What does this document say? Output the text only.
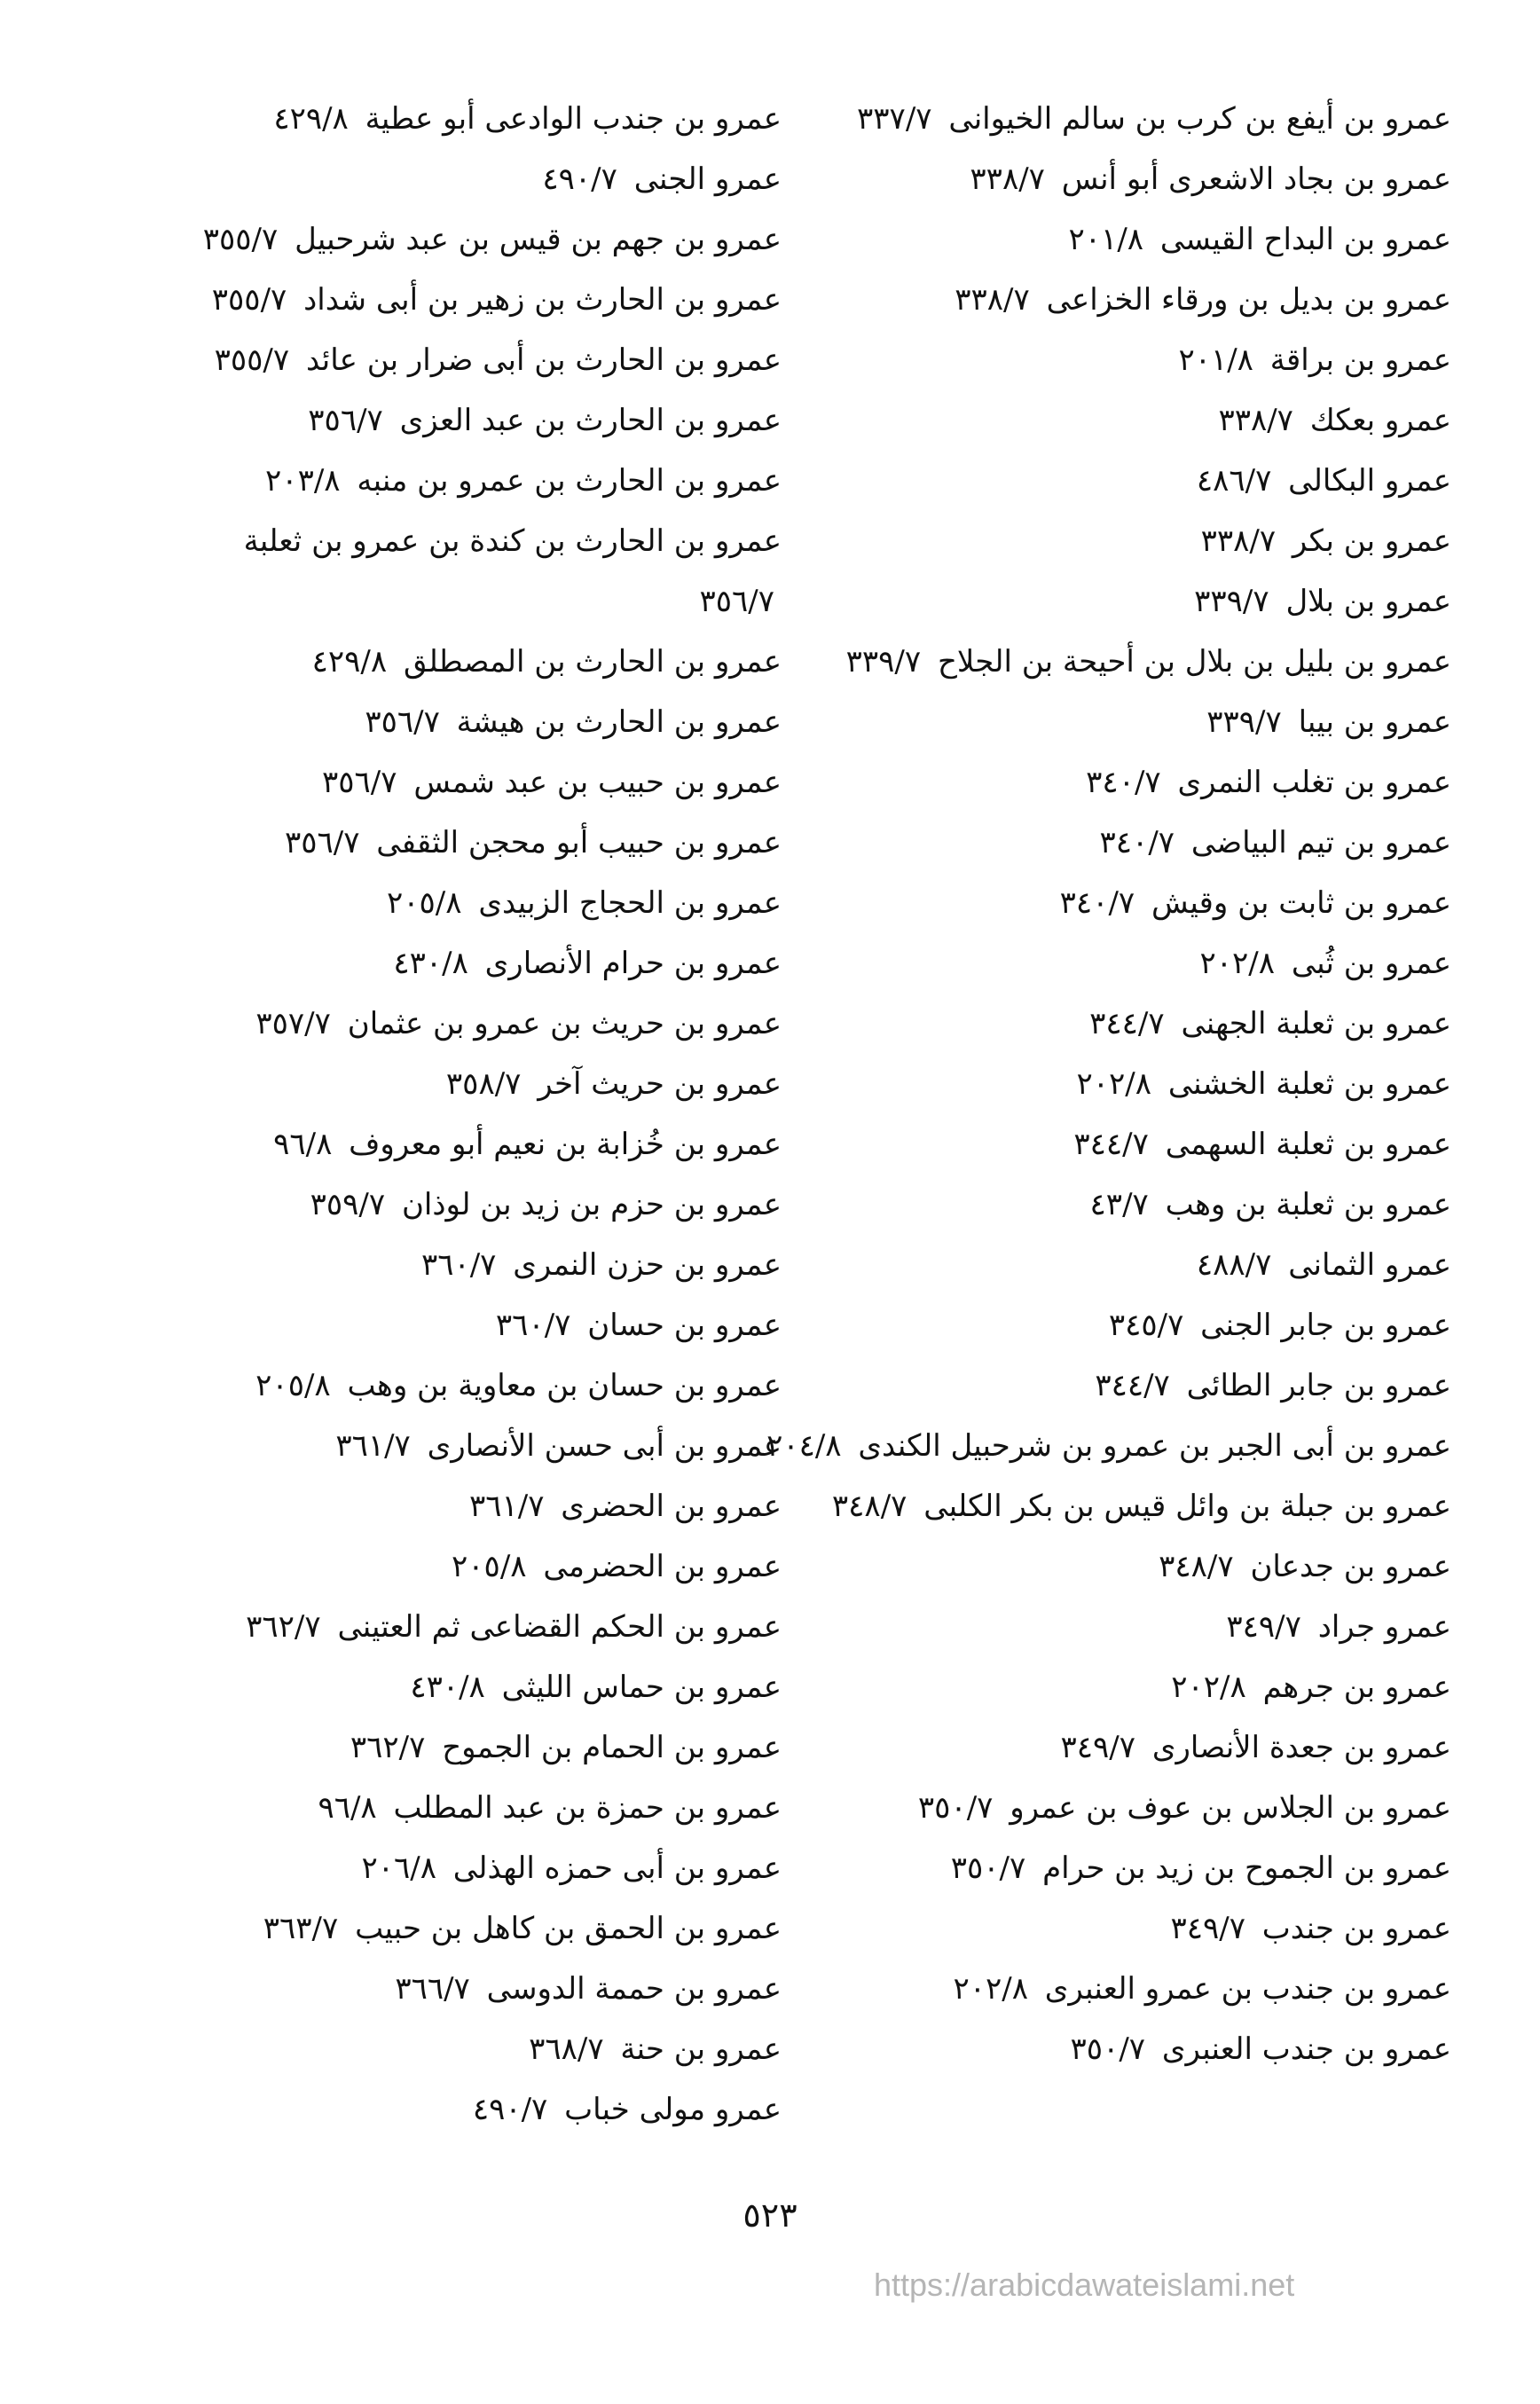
عمرو بن أيفع بن كرب بن سالم الخيوانى ٣٣٧/٧
عمرو بن بجاد الاشعرى أبو أنس ٣٣٨/٧
عمرو بن البداح القيسى ٢٠١/٨
عمرو بن بديل بن ورقاء الخزاعى ٣٣٨/٧
عمرو بن براقة ٢٠١/٨
عمرو بعكك ٣٣٨/٧
عمرو البكالى ٤٨٦/٧
عمرو بن بكر ٣٣٨/٧
عمرو بن بلال ٣٣٩/٧
عمرو بن بليل بن بلال بن أحيحة بن الجلاح ٣٣٩/٧
عمرو بن بيبا ٣٣٩/٧
عمرو بن تغلب النمرى ٣٤٠/٧
عمرو بن تيم البياضى ٣٤٠/٧
عمرو بن ثابت بن وقيش ٣٤٠/٧
عمرو بن ثُبى ٢٠٢/٨
عمرو بن ثعلبة الجهنى ٣٤٤/٧
عمرو بن ثعلبة الخشنى ٢٠٢/٨
عمرو بن ثعلبة السهمى ٣٤٤/٧
عمرو بن ثعلبة بن وهب ٤٣/٧
عمرو الثمانى ٤٨٨/٧
عمرو بن جابر الجنى ٣٤٥/٧
عمرو بن جابر الطائى ٣٤٤/٧
عمرو بن أبى الجبر بن عمرو بن شرحبيل الكندى ٢٠٤/٨
عمرو بن جبلة بن وائل قيس بن بكر الكلبى ٣٤٨/٧
عمرو بن جدعان ٣٤٨/٧
عمرو جراد ٣٤٩/٧
عمرو بن جرهم ٢٠٢/٨
عمرو بن جعدة الأنصارى ٣٤٩/٧
عمرو بن الجلاس بن عوف بن عمرو ٣٥٠/٧
عمرو بن الجموح بن زيد بن حرام ٣٥٠/٧
عمرو بن جندب ٣٤٩/٧
عمرو بن جندب بن عمرو العنبرى ٢٠٢/٨
عمرو بن جندب العنبرى ٣٥٠/٧
عمرو بن جندب الوادعى أبو عطية ٤٢٩/٨
عمرو الجنى ٤٩٠/٧
عمرو بن جهم بن قيس بن عبد شرحبيل ٣٥٥/٧
عمرو بن الحارث بن زهير بن أبى شداد ٣٥٥/٧
عمرو بن الحارث بن أبى ضرار بن عائد ٣٥٥/٧
عمرو بن الحارث بن عبد العزى ٣٥٦/٧
عمرو بن الحارث بن عمرو بن منبه ٢٠٣/٨
عمرو بن الحارث بن كندة بن عمرو بن ثعلبة ٣٥٦/٧
عمرو بن الحارث بن المصطلق ٤٢٩/٨
عمرو بن الحارث بن هيشة ٣٥٦/٧
عمرو بن حبيب بن عبد شمس ٣٥٦/٧
عمرو بن حبيب أبو محجن الثقفى ٣٥٦/٧
عمرو بن الحجاج الزبيدى ٢٠٥/٨
عمرو بن حرام الأنصارى ٤٣٠/٨
عمرو بن حريث بن عمرو بن عثمان ٣٥٧/٧
عمرو بن حريث آخر ٣٥٨/٧
عمرو بن خُزابة بن نعيم أبو معروف ٩٦/٨
عمرو بن حزم بن زيد بن لوذان ٣٥٩/٧
عمرو بن حزن النمرى ٣٦٠/٧
عمرو بن حسان ٣٦٠/٧
عمرو بن حسان بن معاوية بن وهب ٢٠٥/٨
عمرو بن أبى حسن الأنصارى ٣٦١/٧
عمرو بن الحضرى ٣٦١/٧
عمرو بن الحضرمى ٢٠٥/٨
عمرو بن الحكم القضاعى ثم العتينى ٣٦٢/٧
عمرو بن حماس الليثى ٤٣٠/٨
عمرو بن الحمام بن الجموح ٣٦٢/٧
عمرو بن حمزة بن عبد المطلب ٩٦/٨
عمرو بن أبى حمزه الهذلى ٢٠٦/٨
عمرو بن الحمق بن كاهل بن حبيب ٣٦٣/٧
عمرو بن حممة الدوسى ٣٦٦/٧
عمرو بن حنة ٣٦٨/٧
عمرو مولى خباب ٤٩٠/٧
٥٢٣
https://arabicdawateislami.net
